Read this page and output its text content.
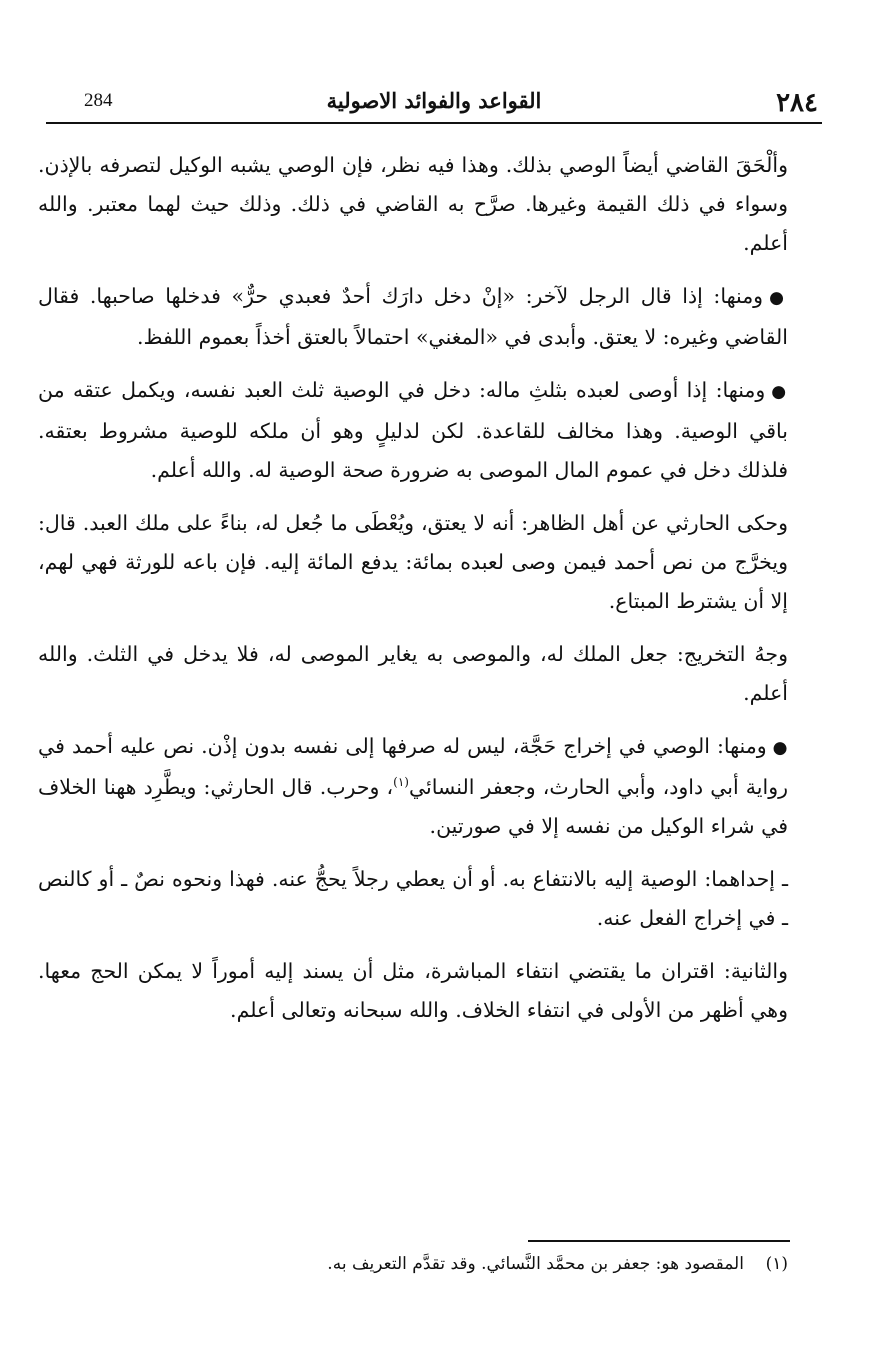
٢٨٤
القواعد والفوائد الاصولية
284

وألْحَقَ القاضي أيضاً الوصي بذلك. وهذا فيه نظر، فإن الوصي يشبه الوكيل لتصرفه بالإذن. وسواء في ذلك القيمة وغيرها. صرَّح به القاضي في ذلك. وذلك حيث لهما معتبر. والله أعلم.

●ومنها: إذا قال الرجل لآخر: «إنْ دخل دارَك أحدٌ فعبدي حرٌّ» فدخلها صاحبها. فقال القاضي وغيره: لا يعتق. وأبدى في «المغني» احتمالاً بالعتق أخذاً بعموم اللفظ.

●ومنها: إذا أوصى لعبده بثلثِ ماله: دخل في الوصية ثلث العبد نفسه، ويكمل عتقه من باقي الوصية. وهذا مخالف للقاعدة. لكن لدليلٍ وهو أن ملكه للوصية مشروط بعتقه. فلذلك دخل في عموم المال الموصى به ضرورة صحة الوصية له. والله أعلم.

وحكى الحارثي عن أهل الظاهر: أنه لا يعتق، ويُعْطَى ما جُعل له، بناءً على ملك العبد. قال: ويخرَّج من نص أحمد فيمن وصى لعبده بمائة: يدفع المائة إليه. فإن باعه للورثة فهي لهم، إلا أن يشترط المبتاع.

وجهُ التخريج: جعل الملك له، والموصى به يغاير الموصى له، فلا يدخل في الثلث. والله أعلم.

●ومنها: الوصي في إخراج حَجَّة، ليس له صرفها إلى نفسه بدون إذْن. نص عليه أحمد في رواية أبي داود، وأبي الحارث، وجعفر النسائي$^{(١)}$، وحرب. قال الحارثي: ويطَّرِد ههنا الخلاف في شراء الوكيل من نفسه إلا في صورتين.

ـ إحداهما: الوصية إليه بالانتفاع به. أو أن يعطي رجلاً يحجُّ عنه. فهذا ونحوه نصٌ ـ أو كالنص ـ في إخراج الفعل عنه.

والثانية: اقتران ما يقتضي انتفاء المباشرة، مثل أن يسند إليه أموراً لا يمكن الحج معها. وهي أظهر من الأولى في انتفاء الخلاف. والله سبحانه وتعالى أعلم.

(١)    المقصود هو: جعفر بن محمَّد النَّسائي. وقد تقدَّم التعريف به.
